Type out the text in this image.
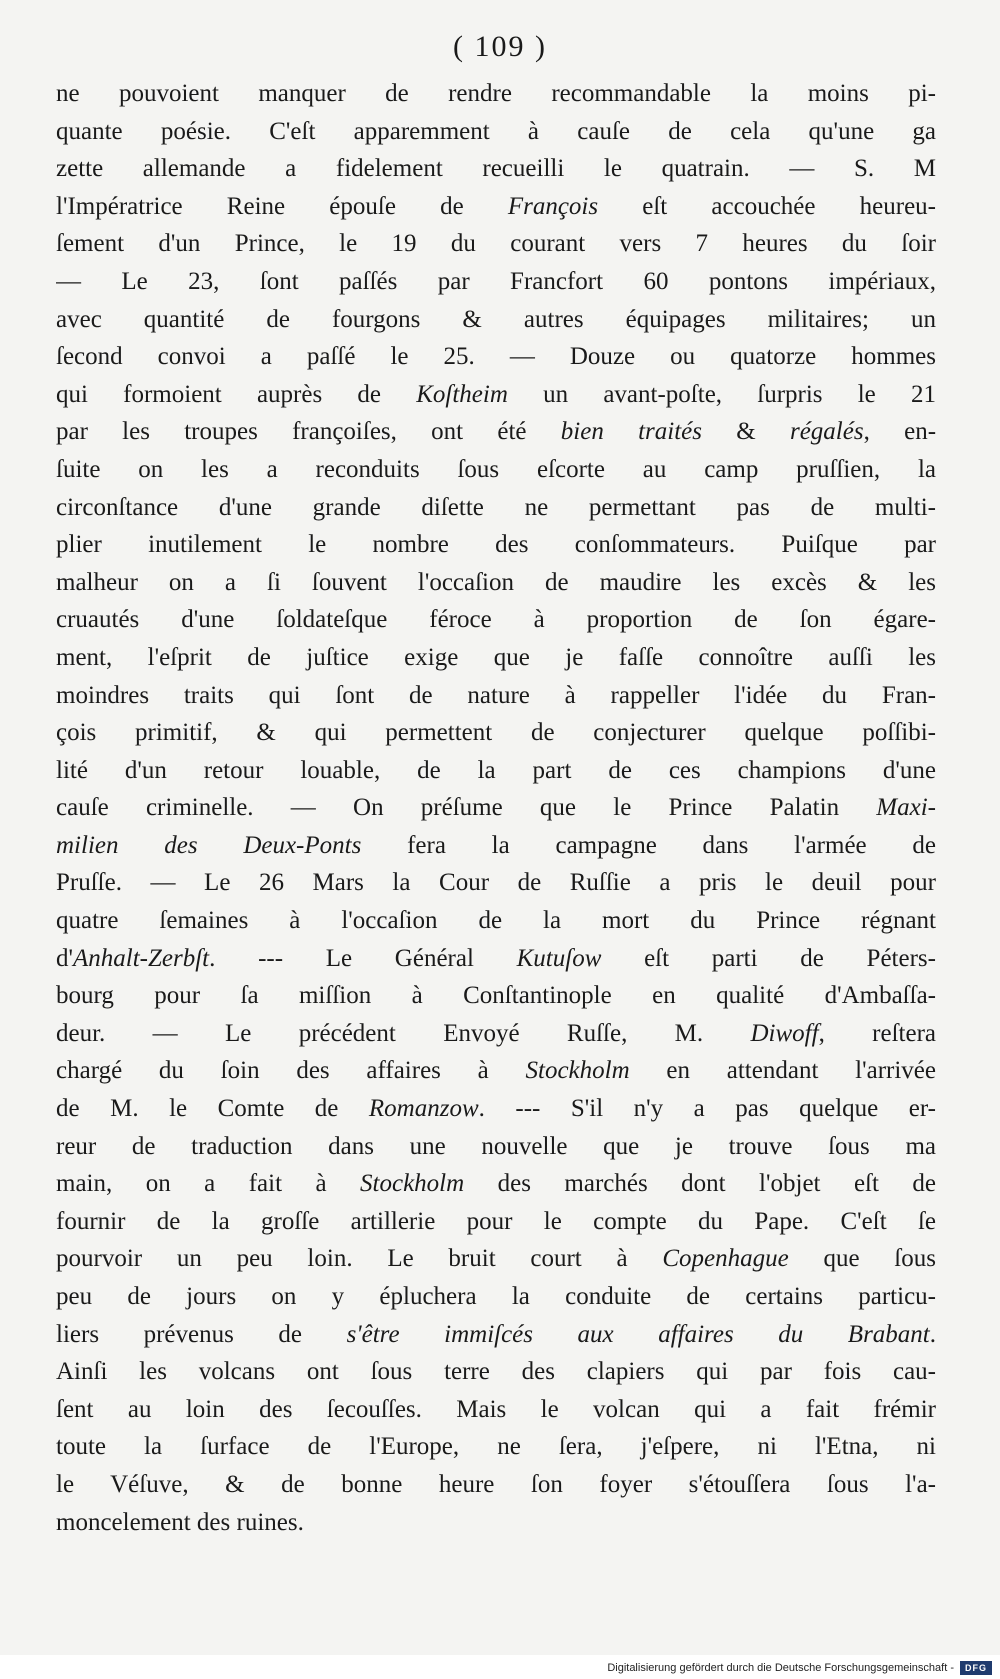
( 109 )
ne pouvoient manquer de rendre recommandable la moins pi-
quante poésie. C'eſt apparemment à cauſe de cela qu'une ga
zette allemande a fidelement recueilli le quatrain. — S. M
l'Impératrice Reine épouſe de François eſt accouchée heureu-
ſement d'un Prince, le 19 du courant vers 7 heures du ſoir
— Le 23, ſont paſſés par Francfort 60 pontons impériaux,
avec quantité de fourgons & autres équipages militaires; un
ſecond convoi a paſſé le 25. — Douze ou quatorze hommes
qui formoient auprès de Koſtheim un avant-poſte, ſurpris le 21
par les troupes françoiſes, ont été bien traités & régalés, en-
ſuite on les a reconduits ſous eſcorte au camp pruſſien, la
circonſtance d'une grande diſette ne permettant pas de multi-
plier inutilement le nombre des conſommateurs. Puiſque par
malheur on a ſi ſouvent l'occaſion de maudire les excès & les
cruautés d'une ſoldateſque féroce à proportion de ſon égare-
ment, l'eſprit de juſtice exige que je faſſe connoître auſſi les
moindres traits qui ſont de nature à rappeller l'idée du Fran-
çois primitif, & qui permettent de conjecturer quelque poſſibi-
lité d'un retour louable, de la part de ces champions d'une
cauſe criminelle. — On préſume que le Prince Palatin Maxi-
milien des Deux-Ponts fera la campagne dans l'armée de
Pruſſe. — Le 26 Mars la Cour de Ruſſie a pris le deuil pour
quatre ſemaines à l'occaſion de la mort du Prince régnant
d'Anhalt-Zerbſt. --- Le Général Kutuſow eſt parti de Péters-
bourg pour ſa miſſion à Conſtantinople en qualité d'Ambaſſa-
deur. — Le précédent Envoyé Ruſſe, M. Diwoff, reſtera
chargé du ſoin des affaires à Stockholm en attendant l'arrivée
de M. le Comte de Romanzow. --- S'il n'y a pas quelque er-
reur de traduction dans une nouvelle que je trouve ſous ma
main, on a fait à Stockholm des marchés dont l'objet eſt de
fournir de la groſſe artillerie pour le compte du Pape. C'eſt ſe
pourvoir un peu loin. Le bruit court à Copenhague que ſous
peu de jours on y épluchera la conduite de certains particu-
liers prévenus de s'être immiſcés aux affaires du Brabant.
Ainſi les volcans ont ſous terre des clapiers qui par fois cau-
ſent au loin des ſecouſſes. Mais le volcan qui a fait frémir
toute la ſurface de l'Europe, ne ſera, j'eſpere, ni l'Etna, ni
le Véſuve, & de bonne heure ſon foyer s'étouſſera ſous l'a-
moncelement des ruines.
Digitalisierung gefördert durch die Deutsche Forschungsgemeinschaft -	DFG
